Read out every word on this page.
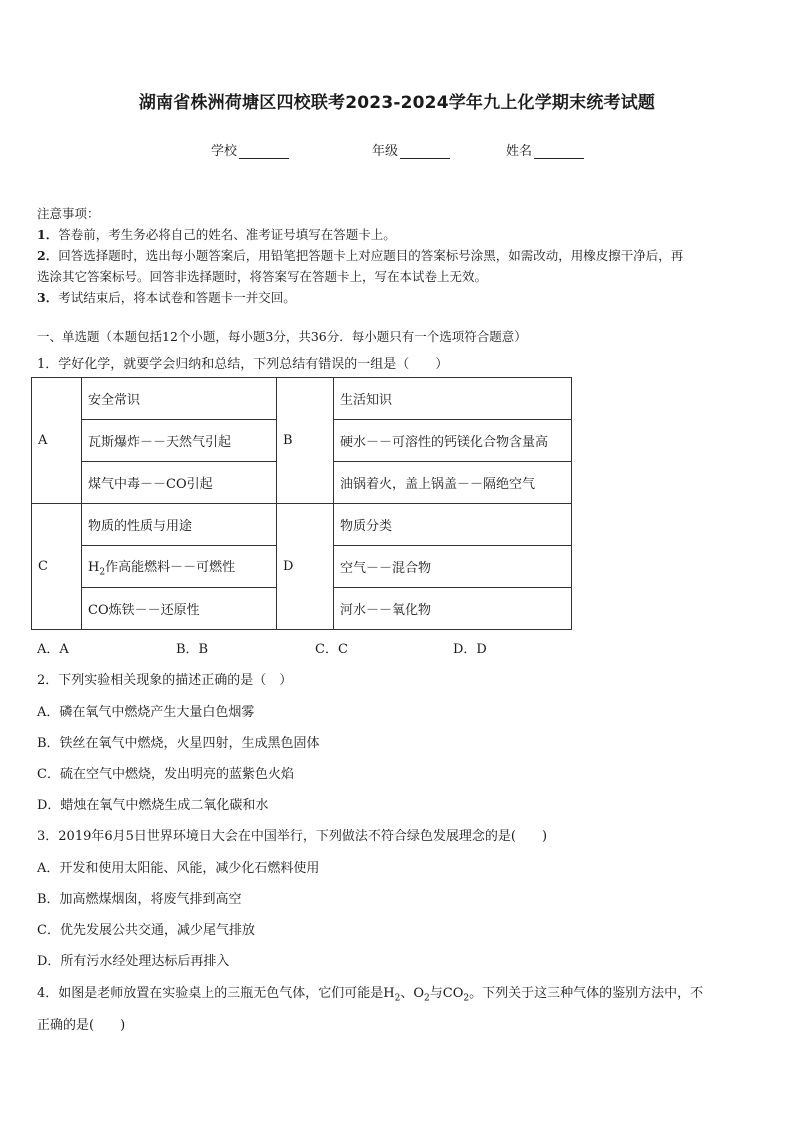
湖南省株洲荷塘区四校联考2023-2024学年九上化学期末统考试题
学校	年级	姓名

注意事项：

1．答卷前，考生务必将自己的姓名、准考证号填写在答题卡上。

2．回答选择题时，选出每小题答案后，用铅笔把答题卡上对应题目的答案标号涂黑，如需改动，用橡皮擦干净后，再

选涂其它答案标号。回答非选择题时，将答案写在答题卡上，写在本试卷上无效。

3．考试结束后，将本试卷和答题卡一并交回。

一、单选题（本题包括12个小题，每小题3分，共36分．每小题只有一个选项符合题意）
1．学好化学，就要学会归纳和总结，下列总结有错误的一组是（　　）
A	安全常识	B	生活知识
	瓦斯爆炸－－天然气引起		硬水－－可溶性的钙镁化合物含量高
	煤气中毒－－CO引起		油锅着火，盖上锅盖－－隔绝空气
C	物质的性质与用途	D	物质分类
	$H_2$作高能燃料－－可燃性		空气－－混合物
	CO炼铁－－还原性		河水－－氧化物
A．A	B．B	C．C	D．D
2．下列实验相关现象的描述正确的是（　）
A．磷在氧气中燃烧产生大量白色烟雾
B．铁丝在氧气中燃烧，火星四射，生成黑色固体
C．硫在空气中燃烧，发出明亮的蓝紫色火焰
D．蜡烛在氧气中燃烧生成二氧化碳和水
3．2019年6月5日世界环境日大会在中国举行，下列做法不符合绿色发展理念的是(　　)
A．开发和使用太阳能、风能，减少化石燃料使用
B．加高燃煤烟囱，将废气排到高空
C．优先发展公共交通，减少尾气排放
D．所有污水经处理达标后再排入
4．如图是老师放置在实验桌上的三瓶无色气体，它们可能是$H_2$、$O_2$与$CO_2$。下列关于这三种气体的鉴别方法中，不
正确的是(　　)
